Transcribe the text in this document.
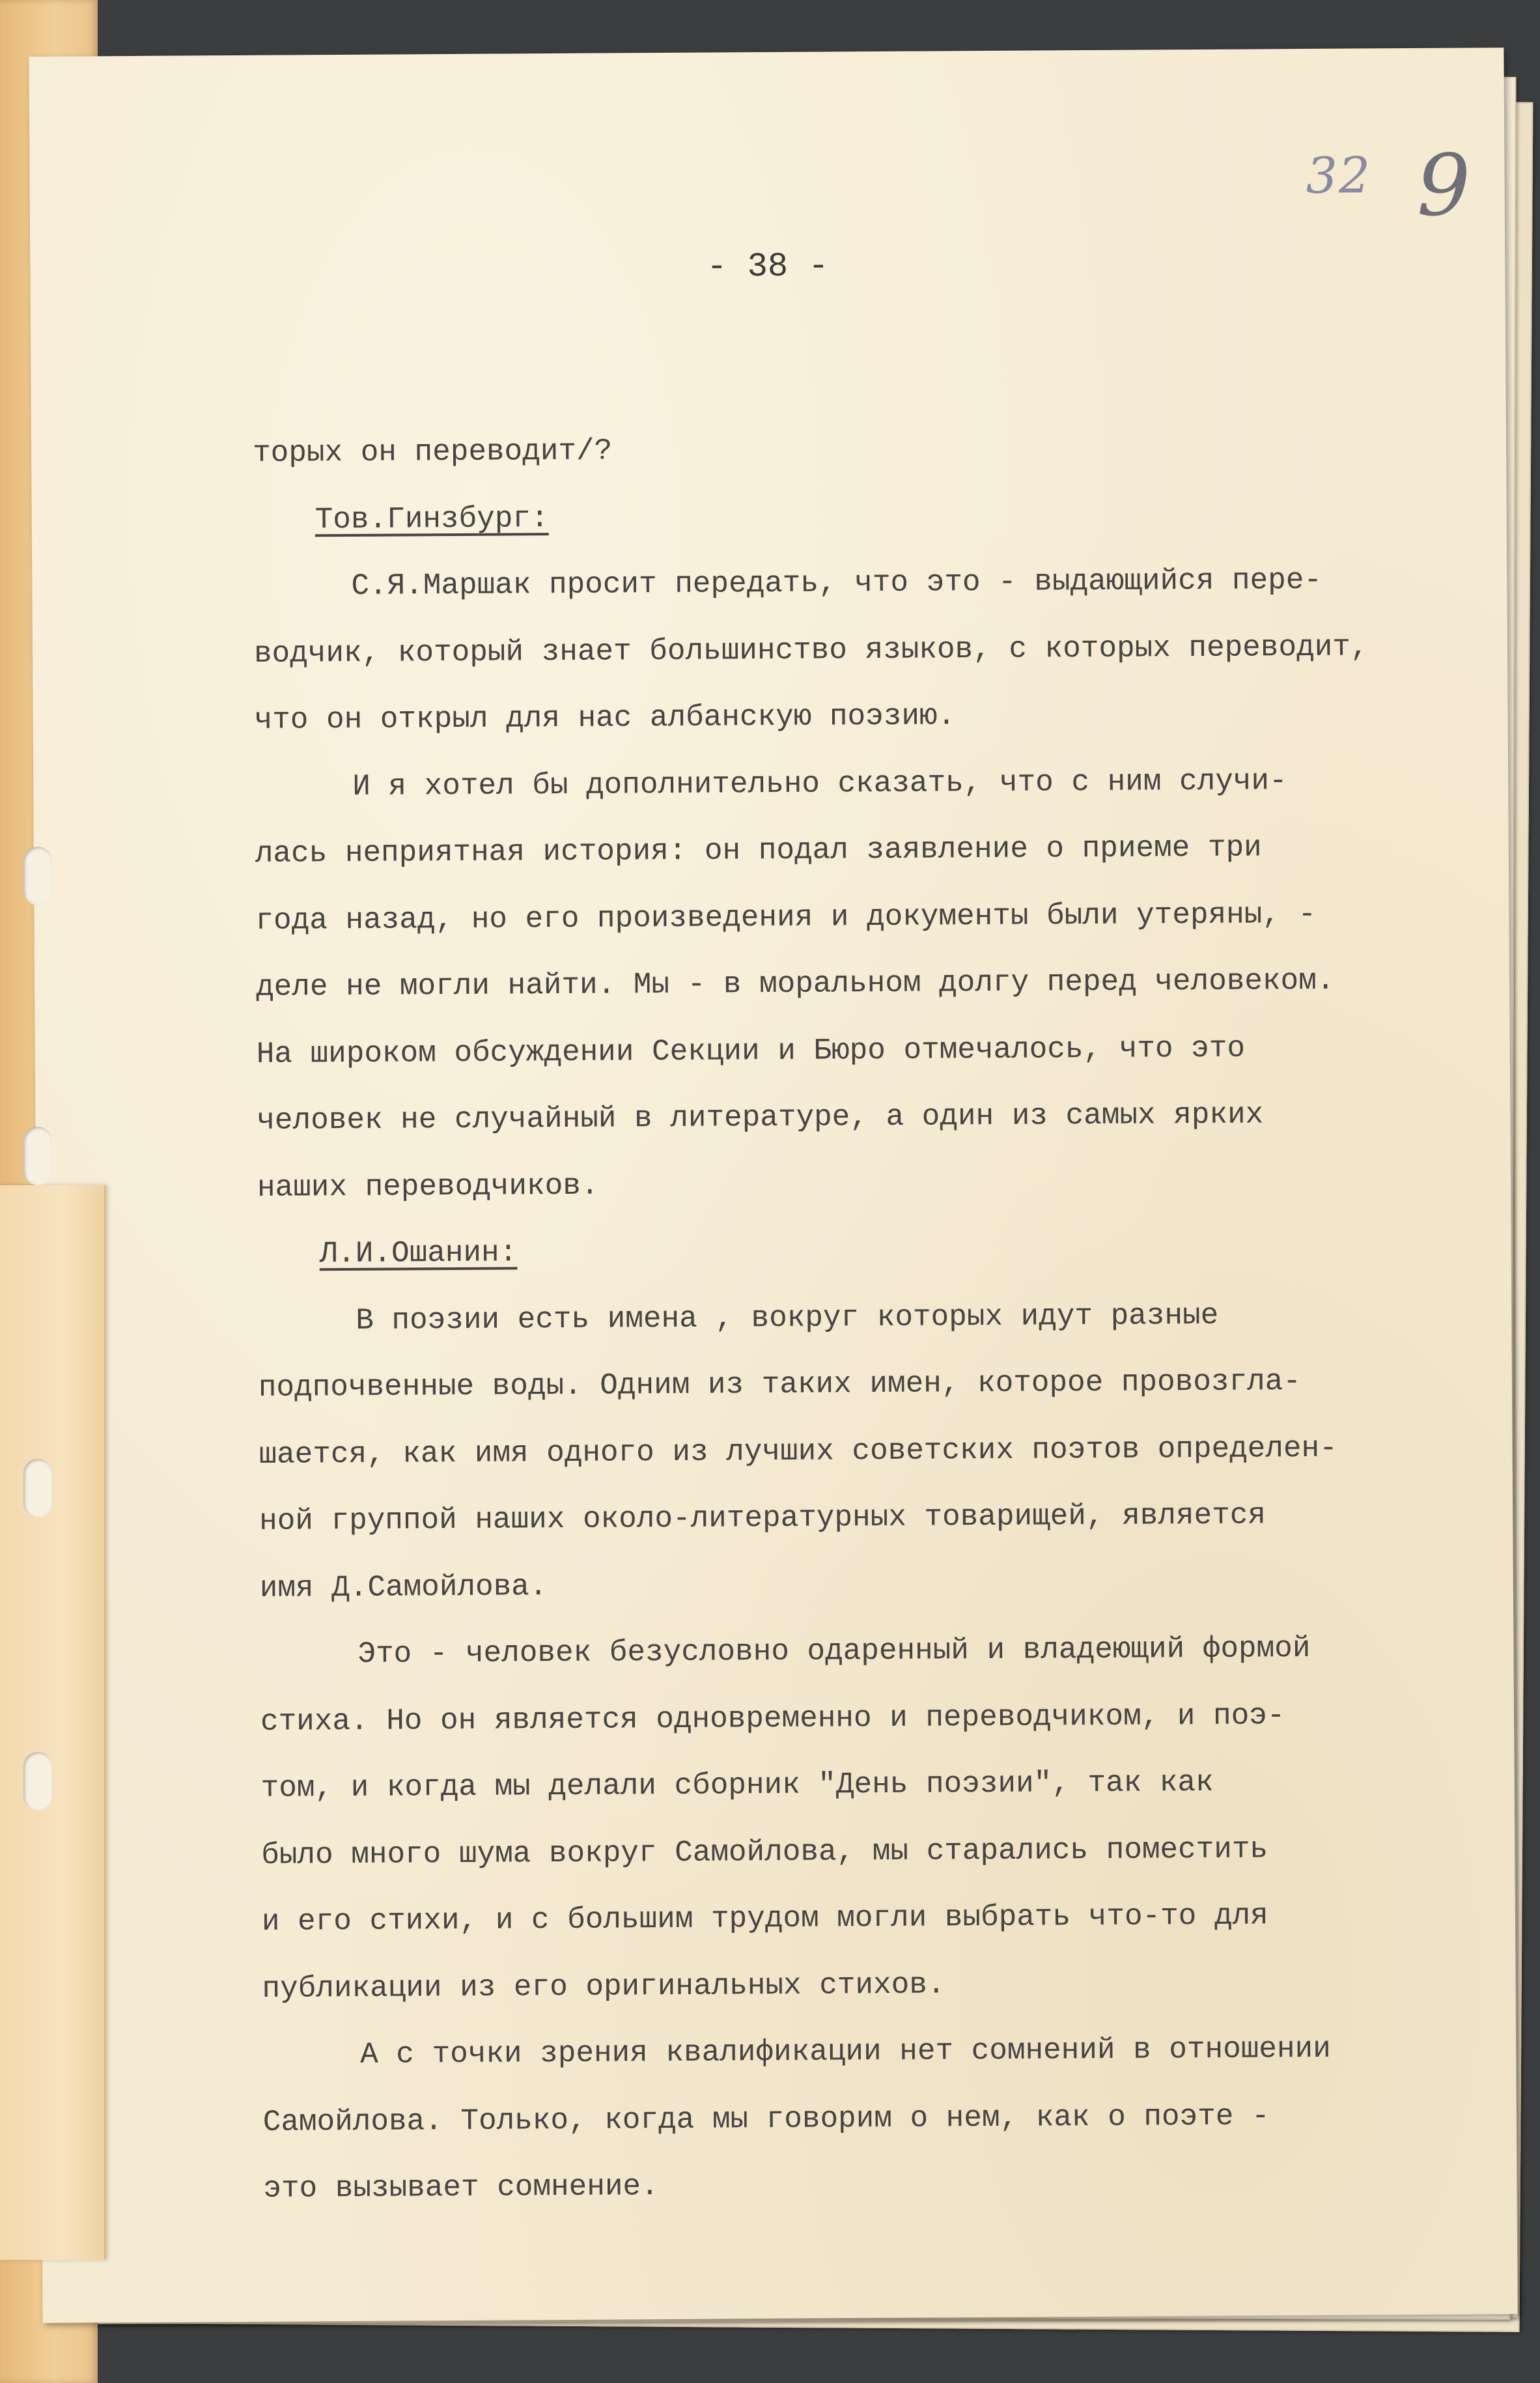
32 9
- 38 -
торых он переводит/?
Тов.Гинзбург:
С.Я.Маршак просит передать, что это - выдающийся пере-
водчик, который знает большинство языков, с которых переводит,
что он открыл для нас албанскую поэзию.
И я хотел бы дополнительно сказать, что с ним случи-
лась неприятная история: он подал заявление о приеме три
года назад, но его произведения и документы были утеряны, -
деле не могли найти. Мы - в моральном долгу перед человеком.
На широком обсуждении Секции и Бюро отмечалось, что это
человек не случайный в литературе, а один из самых ярких
наших переводчиков.
Л.И.Ошанин:
В поэзии есть имена , вокруг которых идут разные
подпочвенные воды. Одним из таких имен, которое провозгла-
шается, как имя одного из лучших советских поэтов определен-
ной группой наших около-литературных товарищей, является
имя Д.Самойлова.
Это - человек безусловно одаренный и владеющий формой
стиха. Но он является одновременно и переводчиком, и поэ-
том, и когда мы делали сборник "День поэзии", так как
было много шума вокруг Самойлова, мы старались поместить
и его стихи, и с большим трудом могли выбрать что-то для
публикации из его оригинальных стихов.
А с точки зрения квалификации нет сомнений в отношении
Самойлова. Только, когда мы говорим о нем, как о поэте -
это вызывает сомнение.
